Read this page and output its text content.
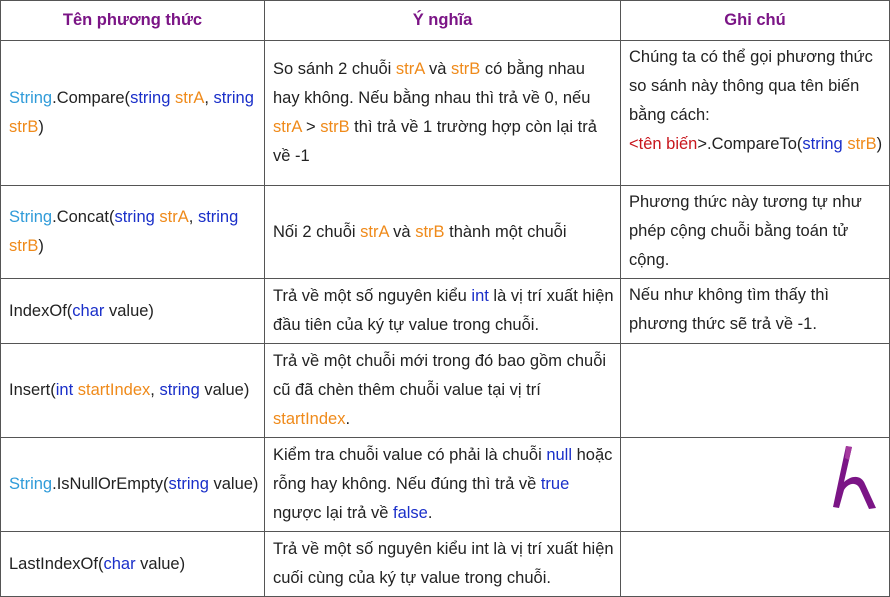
Tên phương thức	Ý nghĩa	Ghi chú
String.Compare(string strA, string strB)	So sánh 2 chuỗi strA và strB có bằng nhau hay không. Nếu bằng nhau thì trả về 0, nếu strA > strB thì trả về 1 trường hợp còn lại trả về -1	Chúng ta có thể gọi phương thức so sánh này thông qua tên biến bằng cách:
<tên biến>.CompareTo(string strB)
String.Concat(string strA, string strB)	Nối 2 chuỗi strA và strB thành một chuỗi	Phương thức này tương tự như phép cộng chuỗi bằng toán tử cộng.
IndexOf(char value)	Trả về một số nguyên kiểu int là vị trí xuất hiện đầu tiên của ký tự value trong chuỗi.	Nếu như không tìm thấy thì phương thức sẽ trả về -1.
Insert(int startIndex, string value)	Trả về một chuỗi mới trong đó bao gồm chuỗi cũ đã chèn thêm chuỗi value tại vị trí startIndex.	
String.IsNullOrEmpty(string value)	Kiểm tra chuỗi value có phải là chuỗi null hoặc rỗng hay không. Nếu đúng thì trả về true ngược lại trả về false.	

LastIndexOf(char value)	Trả về một số nguyên kiểu int là vị trí xuất hiện cuối cùng của ký tự value trong chuỗi.	
